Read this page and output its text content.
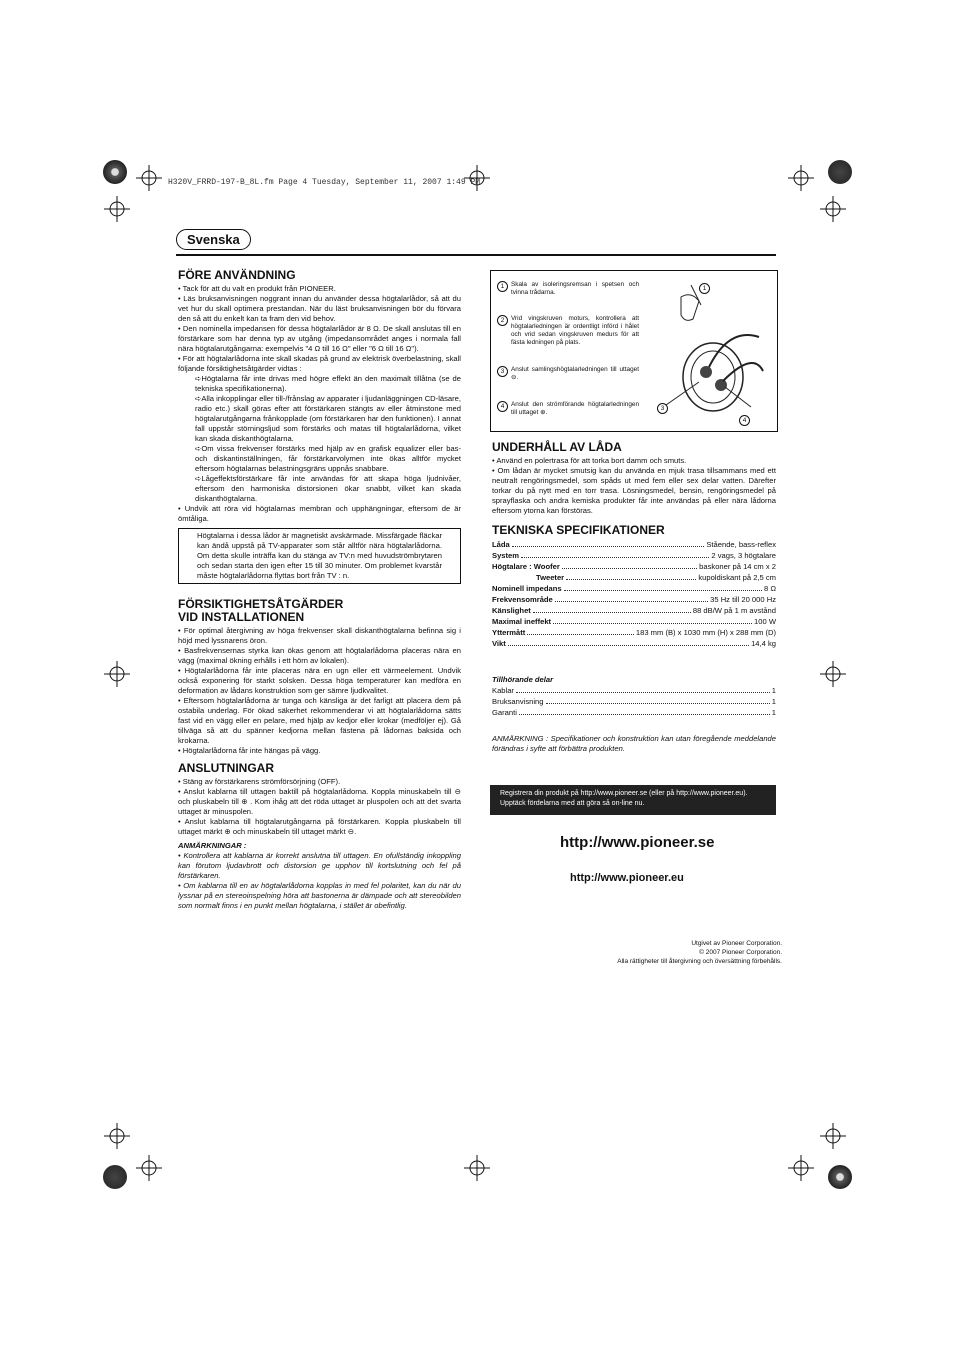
H320V_FRRD-197-B_8L.fm Page 4 Tuesday, September 11, 2007 1:49 PM
Svenska
FÖRE ANVÄNDNING

• Tack för att du valt en produkt från PIONEER.

• Läs bruksanvisningen noggrant innan du använder dessa högtalarlådor, så att du vet hur du skall optimera prestandan. När du läst bruksanvisningen bör du förvara den så att du enkelt kan ta fram den vid behov.

• Den nominella impedansen för dessa högtalarlådor är 8 Ω. De skall anslutas till en förstärkare som har denna typ av utgång (impedansområdet anges i normala fall nära högtalarutgångarna: exempelvis "4 Ω till 16 Ω" eller "6 Ω till 16 Ω").

• För att högtalarlådorna inte skall skadas på grund av elektrisk överbelastning, skall följande försiktighetsåtgärder vidtas :

➪Högtalarna får inte drivas med högre effekt än den maximalt tillåtna (se de tekniska specifikationerna).

➪Alla inkopplingar eller till-/frånslag av apparater i ljudanläggningen CD-läsare, radio etc.) skall göras efter att förstärkaren stängts av eller åtminstone med högtalarutgångarna frånkopplade (om förstärkaren har den funktionen). I annat fall uppstår störningsljud som förstärks och matas till högtalarlådorna, vilket kan skada diskanthögtalarna.

➪Om vissa frekvenser förstärks med hjälp av en grafisk equalizer eller bas- och diskantinställningen, får förstärkarvolymen inte ökas alltför mycket eftersom högtalarnas belastningsgräns uppnås snabbare.

➪Lågeffektsförstärkare får inte användas för att skapa höga ljudnivåer, eftersom den harmoniska distorsionen ökar snabbt, vilket kan skada diskanthögtalarna.

• Undvik att röra vid högtalarnas membran och upphängningar, eftersom de är ömtåliga.

Högtalarna i dessa lådor är magnetiskt avskärmade. Missfärgade fläckar kan ändå uppstå på TV-apparater som står alltför nära högtalarlådorna. Om detta skulle inträffa kan du stänga av TV:n med huvudströmbrytaren och sedan starta den igen efter 15 till 30 minuter. Om problemet kvarstår måste högtalarlådorna flyttas bort från TV : n.
FÖRSIKTIGHETSÅTGÄRDER
VID INSTALLATIONEN

• För optimal återgivning av höga frekvenser skall diskanthögtalarna befinna sig i höjd med lyssnarens öron.

• Basfrekvensernas styrka kan ökas genom att högtalarlådorna placeras nära en vägg (maximal ökning erhålls i ett hörn av lokalen).

• Högtalarlådorna får inte placeras nära en ugn eller ett värmeelement. Undvik också exponering för starkt solsken. Dessa höga temperaturer kan medföra en deformation av lådans konstruktion som ger sämre ljudkvalitet.

• Eftersom högtalarlådorna är tunga och känsliga är det farligt att placera dem på ostabila underlag. För ökad säkerhet rekommenderar vi att högtalarlådorna sätts fast vid en vägg eller en pelare, med hjälp av kedjor eller krokar (medföljer ej). Gå tillväga så att du spänner kedjorna mellan fästena på lådornas baksida och krokarna.

• Högtalarlådorna får inte hängas på vägg.

ANSLUTNINGAR

• Stäng av förstärkarens strömförsörjning (OFF).

• Anslut kablarna till uttagen baktill på högtalarlådorna. Koppla minuskabeln till ⊖ och pluskabeln till ⊕ . Kom ihåg att det röda uttaget är pluspolen och att det svarta uttaget är minuspolen.

• Anslut kablarna till högtalarutgångarna på förstärkaren. Koppla pluskabeln till uttaget märkt ⊕ och minuskabeln till uttaget märkt ⊖.

ANMÄRKNINGAR :

• Kontrollera att kablarna är korrekt anslutna till uttagen. En ofullständig inkoppling kan förutom ljudavbrott och distorsion ge upphov till kortslutning och fel på förstärkaren.

• Om kablarna till en av högtalarlådorna kopplas in med fel polaritet, kan du när du lyssnar på en stereoinspelning höra att bastonerna är dämpade och att stereobilden som normalt finns i en punkt mellan högtalarna, i stället är obefintlig.

1	Skala av isoleringsremsan i spetsen och tvinna trådarna.
2	Vrid vingskruven moturs, kontrollera att högtalarledningen är ordentligt införd i hålet och vrid sedan vingskruven medurs för att fästa ledningen på plats.
3	Anslut samlingshögtalarledningen till uttaget ⊖.
4	Anslut den strömförande högtalarledningen till uttaget ⊕.
1
3
4
UNDERHÅLL AV LÅDA

• Använd en polertrasa för att torka bort damm och smuts.

• Om lådan är mycket smutsig kan du använda en mjuk trasa tillsammans med ett neutralt rengöringsmedel, som spåds ut med fem eller sex delar vatten. Därefter torkar du på nytt med en torr trasa. Lösningsmedel, bensin, rengöringsmedel på sprayflaska och andra kemiska produkter får inte användas på eller nära lådorna eftersom ytorna kan förstöras.

TEKNISKA SPECIFIKATIONER
Låda	Stående, bass-reflex
System	2 vags, 3 högtalare
Högtalare : Woofer	baskoner på 14 cm x 2
Tweeter	kupoldiskant på 2,5 cm
Nominell impedans	8 Ω
Frekvensområde	35 Hz till 20 000 Hz
Känslighet	88 dB/W på 1 m avstånd
Maximal ineffekt	100 W
Yttermått	183 mm (B) x 1030 mm (H) x 288 mm (D)
Vikt	14,4 kg

Tillhörande delar

Kablar	1
Bruksanvisning	1
Garanti	1

ANMÄRKNING : Specifikationer och konstruktion kan utan föregående meddelande förändras i syfte att förbättra produkten.

Registrera din produkt på http://www.pioneer.se (eller på http://www.pioneer.eu).
Upptäck fördelarna med att göra så on-line nu.
http://www.pioneer.se
http://www.pioneer.eu
Utgivet av Pioneer Corporation.
© 2007 Pioneer Corporation.
Alla rättigheter till återgivning och översättning förbehålls.
